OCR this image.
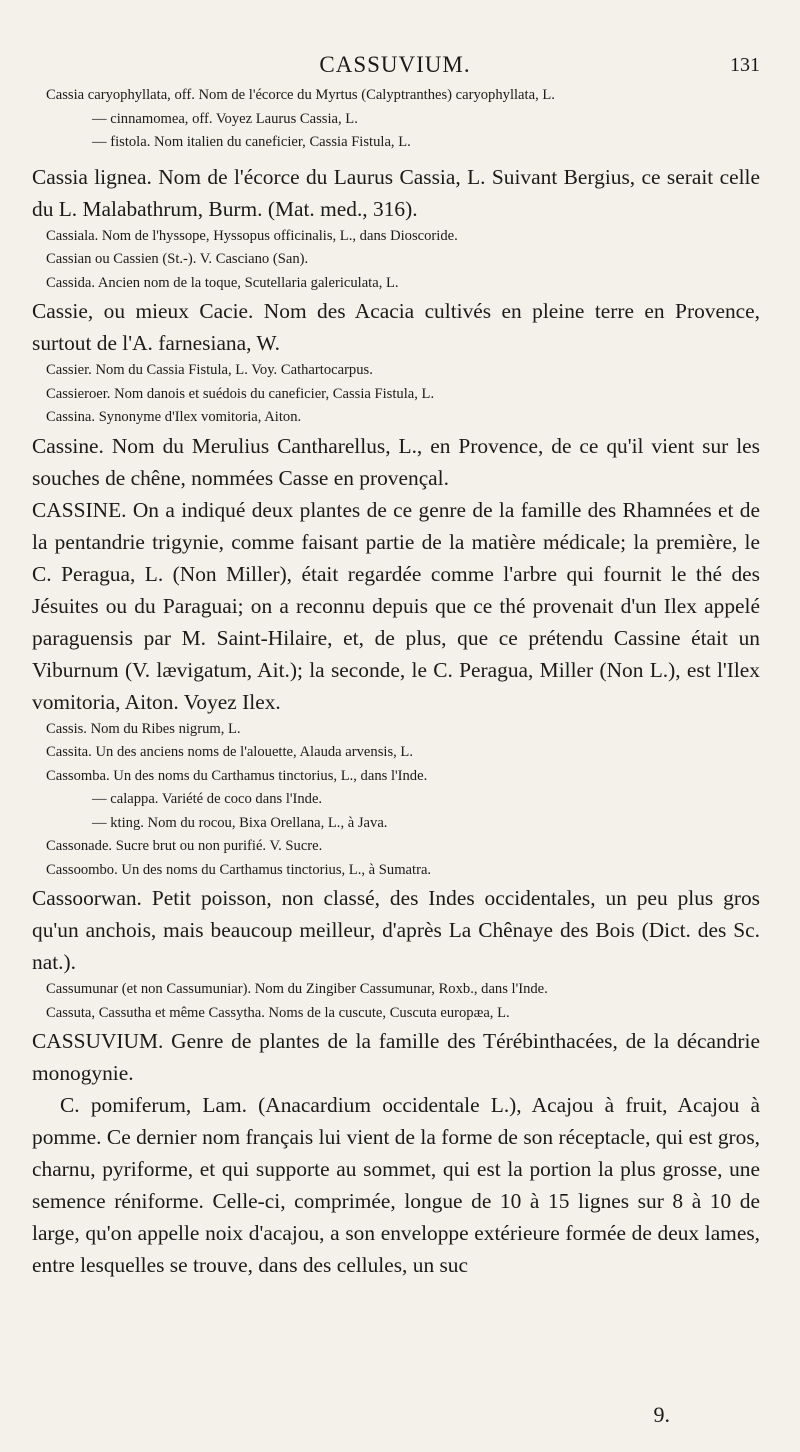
CASSUVIUM.	131

Cassia caryophyllata, off. Nom de l'écorce du Myrtus (Calyptranthes) caryophyllata, L.

— cinnamomea, off. Voyez Laurus Cassia, L.

— fistola. Nom italien du caneficier, Cassia Fistula, L.

Cassia lignea. Nom de l'écorce du Laurus Cassia, L. Suivant Bergius, ce serait celle du L. Malabathrum, Burm. (Mat. med., 316).

Cassiala. Nom de l'hyssope, Hyssopus officinalis, L., dans Dioscoride.

Cassian ou Cassien (St.-). V. Casciano (San).

Cassida. Ancien nom de la toque, Scutellaria galericulata, L.

Cassie, ou mieux Cacie. Nom des Acacia cultivés en pleine terre en Provence, surtout de l'A. farnesiana, W.

Cassier. Nom du Cassia Fistula, L. Voy. Cathartocarpus.

Cassieroer. Nom danois et suédois du caneficier, Cassia Fistula, L.

Cassina. Synonyme d'Ilex vomitoria, Aiton.

Cassine. Nom du Merulius Cantharellus, L., en Provence, de ce qu'il vient sur les souches de chêne, nommées Casse en provençal.

CASSINE. On a indiqué deux plantes de ce genre de la famille des Rhamnées et de la pentandrie trigynie, comme faisant partie de la matière médicale; la première, le C. Peragua, L. (Non Miller), était regardée comme l'arbre qui fournit le thé des Jésuites ou du Paraguai; on a reconnu depuis que ce thé provenait d'un Ilex appelé paraguensis par M. Saint-Hilaire, et, de plus, que ce prétendu Cassine était un Viburnum (V. lævigatum, Ait.); la seconde, le C. Peragua, Miller (Non L.), est l'Ilex vomitoria, Aiton. Voyez Ilex.

Cassis. Nom du Ribes nigrum, L.

Cassita. Un des anciens noms de l'alouette, Alauda arvensis, L.

Cassomba. Un des noms du Carthamus tinctorius, L., dans l'Inde.

— calappa. Variété de coco dans l'Inde.

— kting. Nom du rocou, Bixa Orellana, L., à Java.

Cassonade. Sucre brut ou non purifié. V. Sucre.

Cassoombo. Un des noms du Carthamus tinctorius, L., à Sumatra.

Cassoorwan. Petit poisson, non classé, des Indes occidentales, un peu plus gros qu'un anchois, mais beaucoup meilleur, d'après La Chênaye des Bois (Dict. des Sc. nat.).

Cassumunar (et non Cassumuniar). Nom du Zingiber Cassumunar, Roxb., dans l'Inde.

Cassuta, Cassutha et même Cassytha. Noms de la cuscute, Cuscuta europæa, L.

CASSUVIUM. Genre de plantes de la famille des Térébinthacées, de la décandrie monogynie.

C. pomiferum, Lam. (Anacardium occidentale L.), Acajou à fruit, Acajou à pomme. Ce dernier nom français lui vient de la forme de son réceptacle, qui est gros, charnu, pyriforme, et qui supporte au sommet, qui est la portion la plus grosse, une semence réniforme. Celle-ci, comprimée, longue de 10 à 15 lignes sur 8 à 10 de large, qu'on appelle noix d'acajou, a son enveloppe extérieure formée de deux lames, entre lesquelles se trouve, dans des cellules, un suc

9.
